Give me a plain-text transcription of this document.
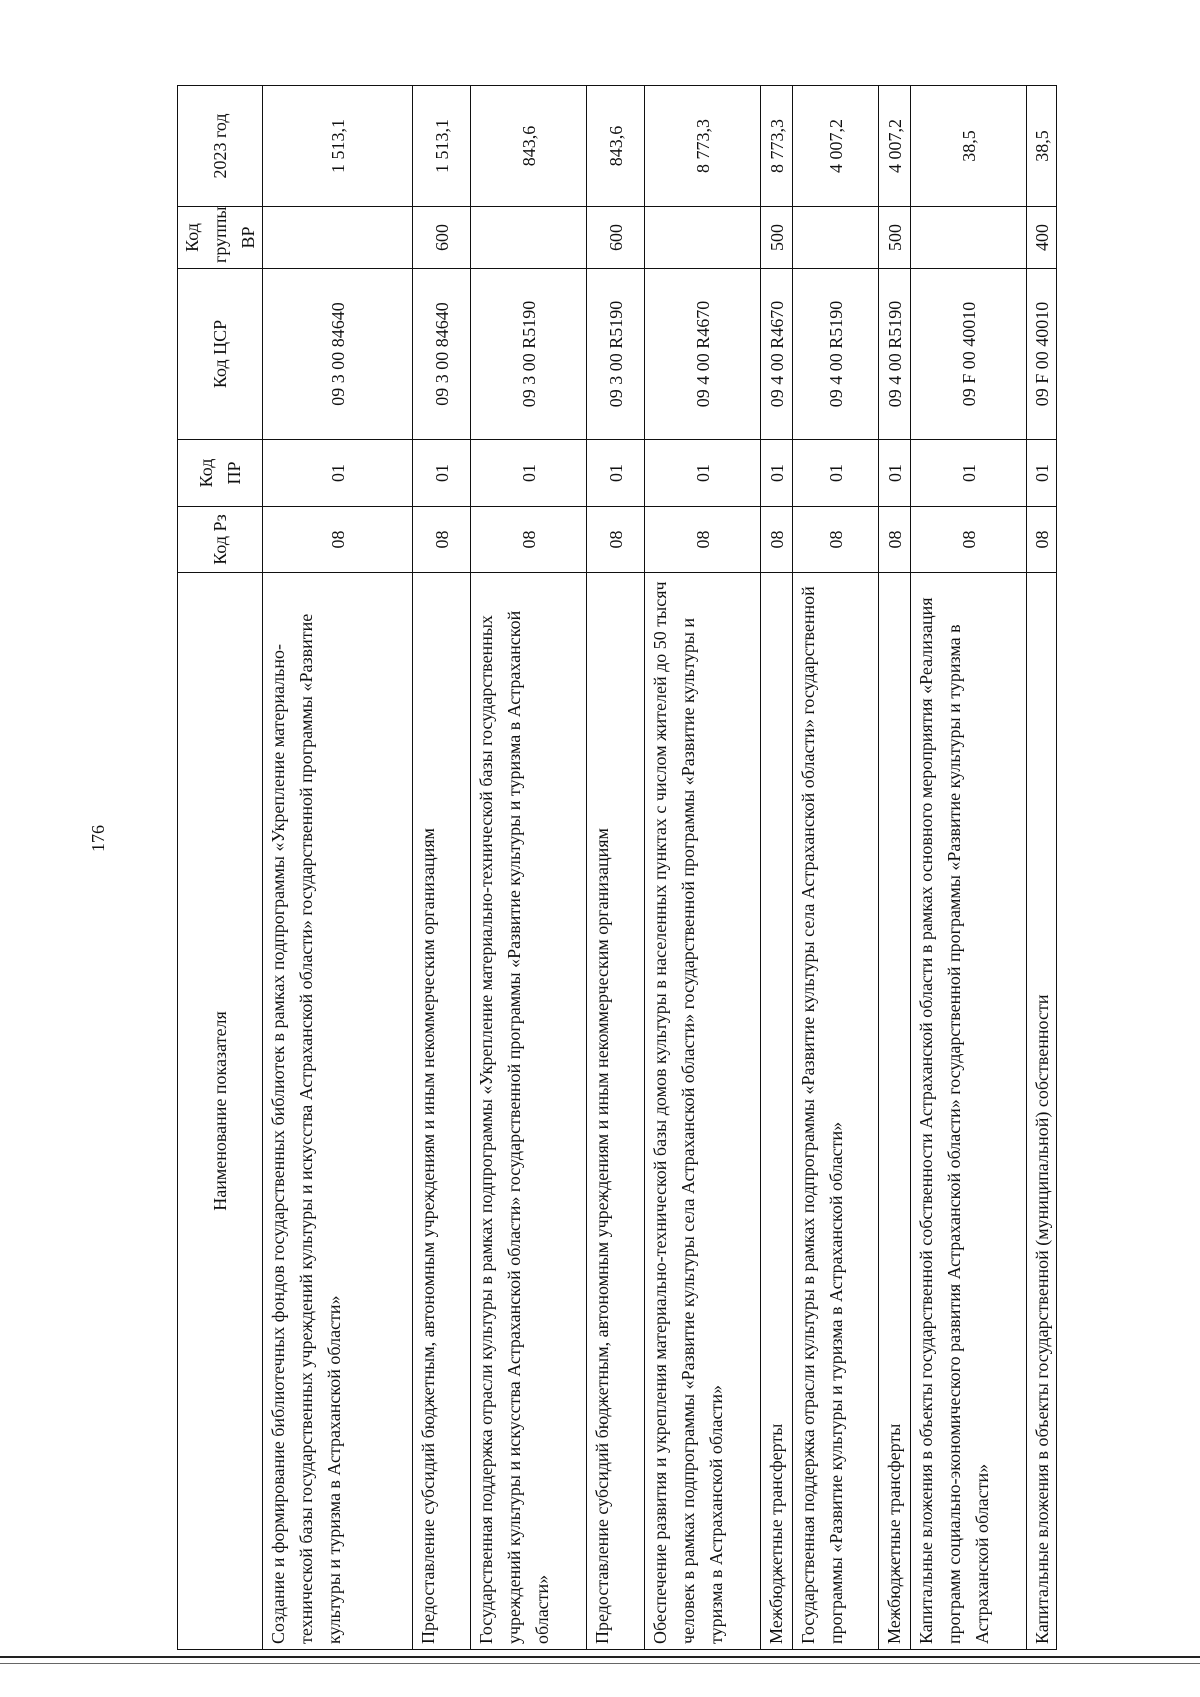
176
Наименование показателя	Код Рз	Код ПР	Код ЦСР	Код группы ВР	2023 год
Создание и формирование библиотечных фондов государственных библиотек в рамках подпрограммы «Укрепление материально-технической базы государственных учреждений культуры и искусства Астраханской области» государственной программы «Развитие культуры и туризма в Астраханской области»	08	01	09 3 00 84640		1 513,1
Предоставление субсидий бюджетным, автономным учреждениям и иным некоммерческим организациям	08	01	09 3 00 84640	600	1 513,1
Государственная поддержка отрасли культуры в рамках подпрограммы «Укрепление материально-технической базы государственных учреждений культуры и искусства Астраханской области» государственной программы «Развитие культуры и туризма в Астраханской области»	08	01	09 3 00 R5190		843,6
Предоставление субсидий бюджетным, автономным учреждениям и иным некоммерческим организациям	08	01	09 3 00 R5190	600	843,6
Обеспечение развития и укрепления материально-технической базы домов культуры в населенных пунктах с числом жителей до 50 тысяч человек в рамках подпрограммы «Развитие культуры села Астраханской области» государственной программы «Развитие культуры и туризма в Астраханской области»	08	01	09 4 00 R4670		8 773,3
Межбюджетные трансферты	08	01	09 4 00 R4670	500	8 773,3
Государственная поддержка отрасли культуры в рамках подпрограммы «Развитие культуры села Астраханской области» государственной программы «Развитие культуры и туризма в Астраханской области»	08	01	09 4 00 R5190		4 007,2
Межбюджетные трансферты	08	01	09 4 00 R5190	500	4 007,2
Капитальные вложения в объекты государственной собственности Астраханской области в рамках основного мероприятия «Реализация программ социально-экономического развития Астраханской области» государственной программы «Развитие культуры и туризма в Астраханской области»	08	01	09 F 00 40010		38,5
Капитальные вложения в объекты государственной (муниципальной) собственности	08	01	09 F 00 40010	400	38,5
